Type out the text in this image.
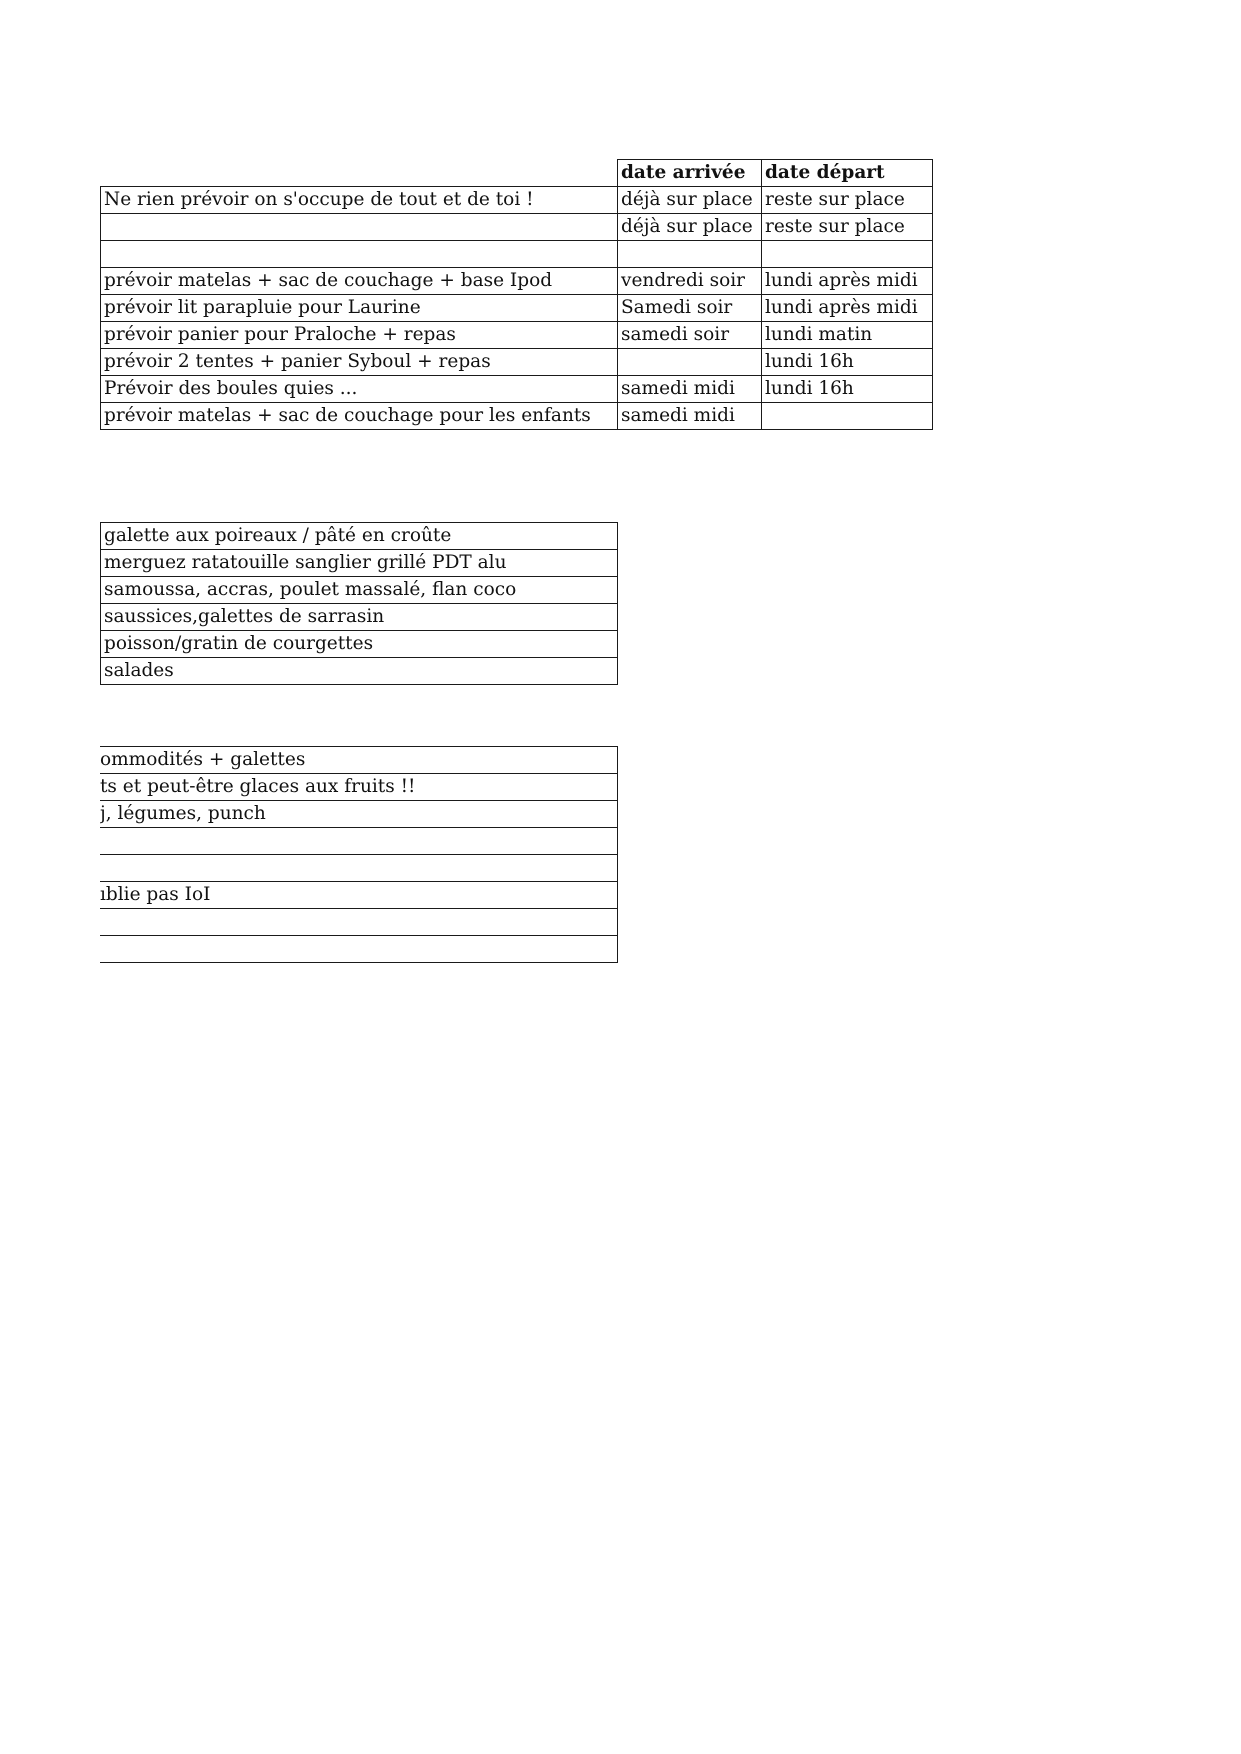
	date arrivée	date départ
Ne rien prévoir on s'occupe de tout et de toi !	déjà sur place	reste sur place
	déjà sur place	reste sur place

prévoir matelas + sac de couchage + base Ipod	vendredi soir	lundi après midi
prévoir lit parapluie pour Laurine	Samedi soir	lundi après midi
prévoir panier pour Praloche + repas	samedi soir	lundi matin
prévoir 2 tentes + panier Syboul + repas		lundi 16h
Prévoir des boules quies ...	samedi midi	lundi 16h
prévoir matelas + sac de couchage pour les enfants	samedi midi	
galette aux poireaux / pâté en croûte
merguez ratatouille sanglier grillé PDT alu
samoussa, accras, poulet massalé, flan coco
saussices,galettes de sarrasin
poisson/gratin de courgettes
salades
ommodités + galettes
ts et peut-être glaces aux fruits !!
j, légumes, punch

ıblie pas IoI
